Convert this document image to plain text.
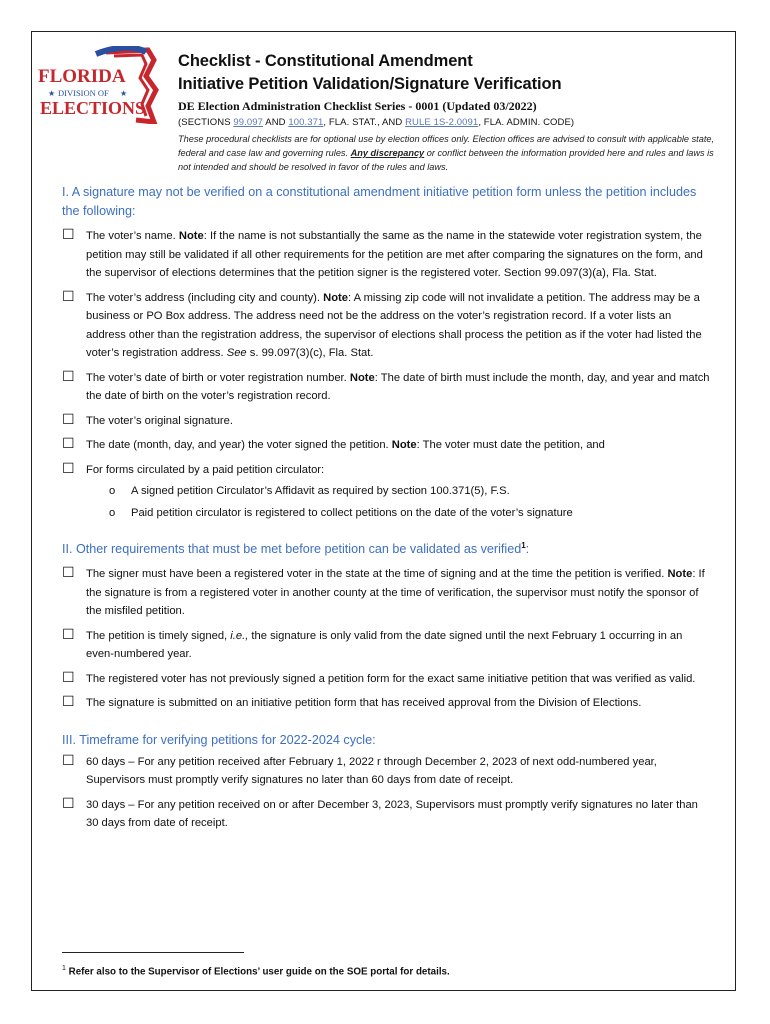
FLORIDA
DIVISION OF
★	★
ELECTIONS

Checklist - Constitutional Amendment

Initiative Petition Validation/Signature Verification

DE Election Administration Checklist Series - 0001 (Updated 03/2022)
(SECTIONS 99.097 AND 100.371, FLA. STAT., AND RULE 1S-2.0091, FLA. ADMIN. CODE)
These procedural checklists are for optional use by election offices only. Election offices are advised to consult with applicable state, federal and case law and governing rules. Any discrepancy or conflict between the information provided here and rules and laws is not intended and should be resolved in favor of the rules and laws.
I. A signature may not be verified on a constitutional amendment initiative petition form unless the petition includes the following:
☐	The voter’s name. Note: If the name is not substantially the same as the name in the statewide voter registration system, the petition may still be validated if all other requirements for the petition are met after comparing the signatures on the form, and the supervisor of elections determines that the petition signer is the registered voter. Section 99.097(3)(a), Fla. Stat.
☐	The voter’s address (including city and county). Note: A missing zip code will not invalidate a petition. The address may be a business or PO Box address. The address need not be the address on the voter’s registration record. If a voter lists an address other than the registration address, the supervisor of elections shall process the petition as if the voter had listed the voter’s registration address. See s. 99.097(3)(c), Fla. Stat.
☐	The voter’s date of birth or voter registration number. Note: The date of birth must include the month, day, and year and match the date of birth on the voter’s registration record.
☐	The voter’s original signature.
☐	The date (month, day, and year) the voter signed the petition. Note: The voter must date the petition, and
☐	For forms circulated by a paid petition circulator:
o	A signed petition Circulator’s Affidavit as required by section 100.371(5), F.S.
o	Paid petition circulator is registered to collect petitions on the date of the voter’s signature
II. Other requirements that must be met before petition can be validated as verified$^1$:
☐	The signer must have been a registered voter in the state at the time of signing and at the time the petition is verified. Note: If the signature is from a registered voter in another county at the time of verification, the supervisor must notify the sponsor of the misfiled petition.
☐	The petition is timely signed, i.e., the signature is only valid from the date signed until the next February 1 occurring in an even-numbered year.
☐	The registered voter has not previously signed a petition form for the exact same initiative petition that was verified as valid.
☐	The signature is submitted on an initiative petition form that has received approval from the Division of Elections.
III. Timeframe for verifying petitions for 2022-2024 cycle:
☐	60 days – For any petition received after February 1, 2022 r through December 2, 2023 of next odd-numbered year, Supervisors must promptly verify signatures no later than 60 days from date of receipt.
☐	30 days – For any petition received on or after December 3, 2023, Supervisors must promptly verify signatures no later than 30 days from date of receipt.
$^1$ Refer also to the Supervisor of Elections’ user guide on the SOE portal for details.
